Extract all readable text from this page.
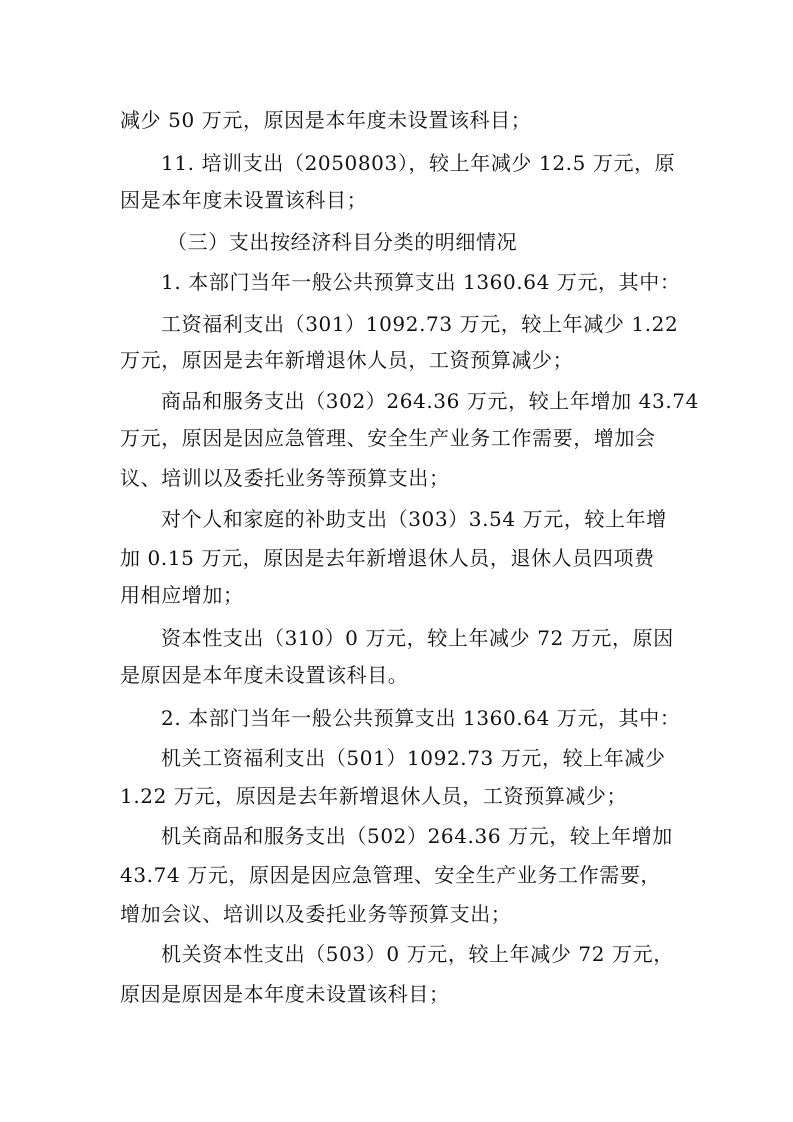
减少 50 万元，原因是本年度未设置该科目；
11. 培训支出（2050803），较上年减少 12.5 万元，原
因是本年度未设置该科目；
（三）支出按经济科目分类的明细情况
1. 本部门当年一般公共预算支出 1360.64 万元，其中：
工资福利支出（301）1092.73 万元，较上年减少 1.22
万元，原因是去年新增退休人员，工资预算减少；
商品和服务支出（302）264.36 万元，较上年增加 43.74
万元，原因是因应急管理、安全生产业务工作需要，增加会
议、培训以及委托业务等预算支出；
对个人和家庭的补助支出（303）3.54 万元，较上年增
加 0.15 万元，原因是去年新增退休人员，退休人员四项费
用相应增加；
资本性支出（310）0 万元，较上年减少 72 万元，原因
是原因是本年度未设置该科目。
2. 本部门当年一般公共预算支出 1360.64 万元，其中：
机关工资福利支出（501）1092.73 万元，较上年减少
1.22 万元，原因是去年新增退休人员，工资预算减少；
机关商品和服务支出（502）264.36 万元，较上年增加
43.74 万元，原因是因应急管理、安全生产业务工作需要，
增加会议、培训以及委托业务等预算支出；
机关资本性支出（503）0 万元，较上年减少 72 万元，
原因是原因是本年度未设置该科目；
